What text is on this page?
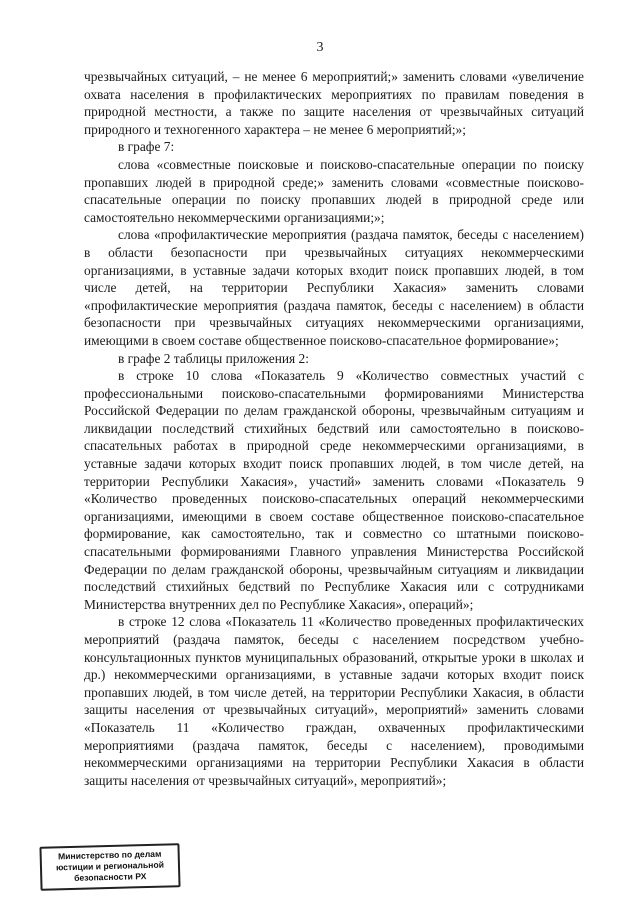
3

чрезвычайных ситуаций, – не менее 6 мероприятий;» заменить словами «увеличение охвата населения в профилактических мероприятиях по правилам поведения в природной местности, а также по защите населения от чрезвычайных ситуаций природного и техногенного характера – не менее 6 мероприятий;»;

в графе 7:

слова «совместные поисковые и поисково-спасательные операции по поиску пропавших людей в природной среде;» заменить словами «совместные поисково-спасательные операции по поиску пропавших людей в природной среде или самостоятельно некоммерческими организациями;»;

слова «профилактические мероприятия (раздача памяток, беседы с населением) в области безопасности при чрезвычайных ситуациях некоммерческими организациями, в уставные задачи которых входит поиск пропавших людей, в том числе детей, на территории Республики Хакасия» заменить словами «профилактические мероприятия (раздача памяток, беседы с населением) в области безопасности при чрезвычайных ситуациях некоммерческими организациями, имеющими в своем составе общественное поисково-спасательное формирование»;

в графе 2 таблицы приложения 2:

в строке 10 слова «Показатель 9 «Количество совместных участий с профессиональными поисково-спасательными формированиями Министерства Российской Федерации по делам гражданской обороны, чрезвычайным ситуациям и ликвидации последствий стихийных бедствий или самостоятельно в поисково-спасательных работах в природной среде некоммерческими организациями, в уставные задачи которых входит поиск пропавших людей, в том числе детей, на территории Республики Хакасия», участий» заменить словами «Показатель 9 «Количество проведенных поисково-спасательных операций некоммерческими организациями, имеющими в своем составе общественное поисково-спасательное формирование, как самостоятельно, так и совместно со штатными поисково-спасательными формированиями Главного управления Министерства Российской Федерации по делам гражданской обороны, чрезвычайным ситуациям и ликвидации последствий стихийных бедствий по Республике Хакасия или с сотрудниками Министерства внутренних дел по Республике Хакасия», операций»;

в строке 12 слова «Показатель 11 «Количество проведенных профилактических мероприятий (раздача памяток, беседы с населением посредством учебно-консультационных пунктов муниципальных образований, открытые уроки в школах и др.) некоммерческими организациями, в уставные задачи которых входит поиск пропавших людей, в том числе детей, на территории Республики Хакасия, в области защиты населения от чрезвычайных ситуаций», мероприятий» заменить словами «Показатель 11 «Количество граждан, охваченных профилактическими мероприятиями (раздача памяток, беседы с населением), проводимыми некоммерческими организациями на территории Республики Хакасия в области защиты населения от чрезвычайных ситуаций», мероприятий»;

Министерство по делам
юстиции и региональной
безопасности РХ
